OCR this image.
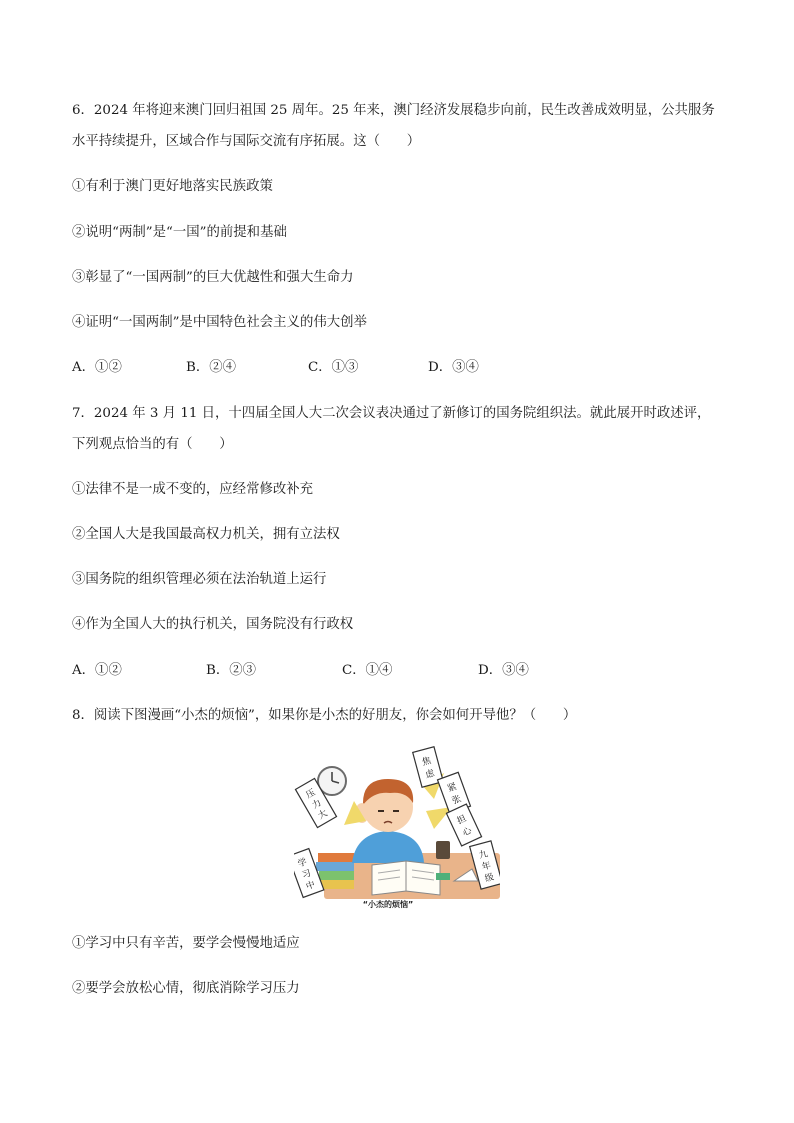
6．2024 年将迎来澳门回归祖国 25 周年。25 年来，澳门经济发展稳步向前，民生改善成效明显，公共服务
水平持续提升，区域合作与国际交流有序拓展。这（　　）
①有利于澳门更好地落实民族政策
②说明“两制”是“一国”的前提和基础
③彰显了“一国两制”的巨大优越性和强大生命力
④证明“一国两制”是中国特色社会主义的伟大创举
A．①②	B．②④	C．①③	D．③④
7．2024 年 3 月 11 日，十四届全国人大二次会议表决通过了新修订的国务院组织法。就此展开时政述评，
下列观点恰当的有（　　）
①法律不是一成不变的，应经常修改补充
②全国人大是我国最高权力机关，拥有立法权
③国务院的组织管理必须在法治轨道上运行
④作为全国人大的执行机关，国务院没有行政权
A．①②	B．②③	C．①④	D．③④
8．阅读下图漫画“小杰的烦恼”，如果你是小杰的好朋友，你会如何开导他？（　　）
焦
虑
紧
张
担
心
压
力
大
学
习
中
九
年
级
“小杰的烦恼”
①学习中只有辛苦，要学会慢慢地适应
②要学会放松心情，彻底消除学习压力
